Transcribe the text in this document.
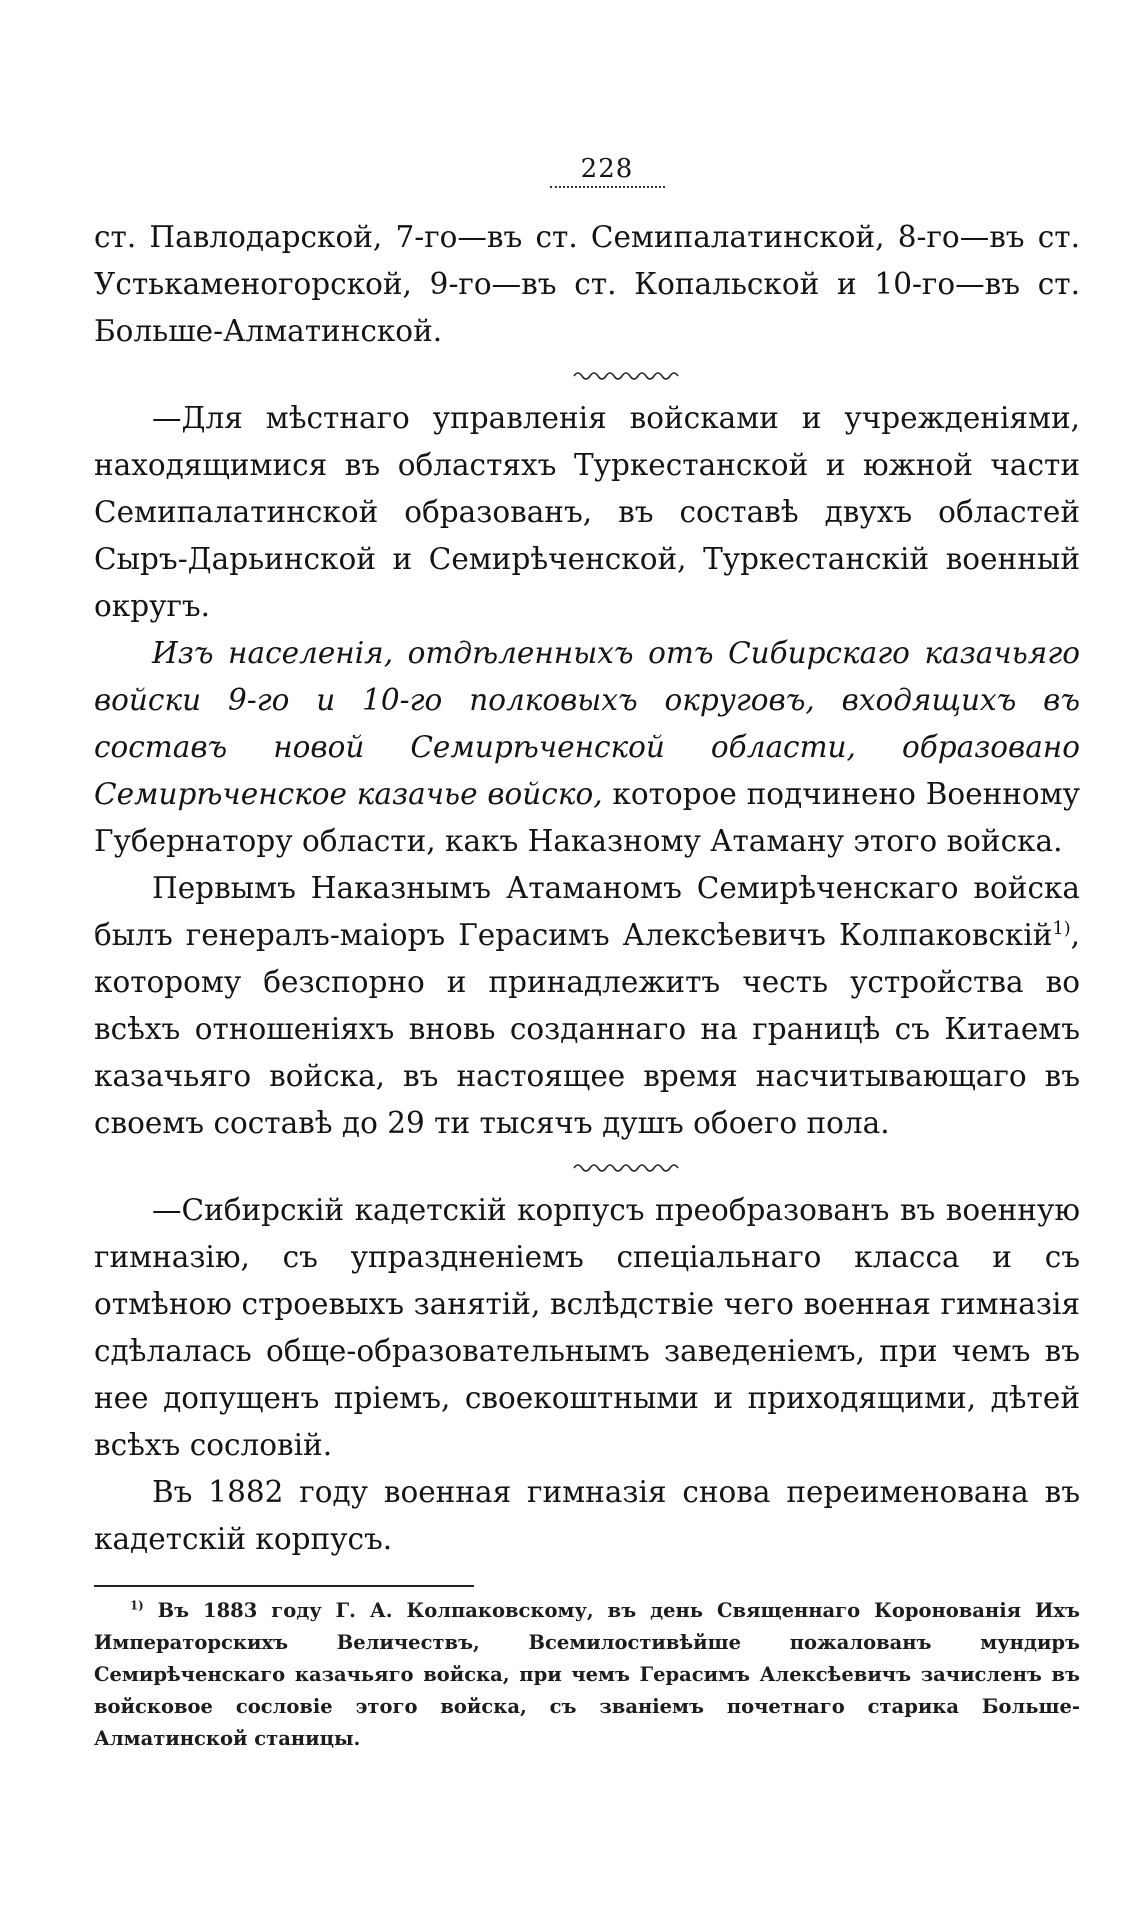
228

ст. Павлодарской, 7-го—въ ст. Семипалатинской, 8-го—въ ст. Устькаменогорской, 9-го—въ ст. Копальской и 10-го—въ ст. Больше-Алматинской.

—Для мѣстнаго управленія войсками и учрежденіями, находящимися въ областяхъ Туркестанской и южной части Семипалатинской образованъ, въ составѣ двухъ областей Сыръ-Дарьинской и Семирѣченской, Туркестанскій военный округъ.

Изъ населенія, отдѣленныхъ отъ Сибирскаго казачьяго войски 9-го и 10-го полковыхъ округовъ, входящихъ въ составъ новой Семирѣченской области, образовано Семирѣченское казачье войско, которое подчинено Военному Губернатору области, какъ Наказному Атаману этого войска.

Первымъ Наказнымъ Атаманомъ Семирѣченскаго войска былъ генералъ-маіоръ Герасимъ Алексѣевичъ Колпаковскій$^{1)}$, которому безспорно и принадлежитъ честь устройства во всѣхъ отношеніяхъ вновь созданнаго на границѣ съ Китаемъ казачьяго войска, въ настоящее время насчитывающаго въ своемъ составѣ до 29 ти тысячъ душъ обоего пола.

—Сибирскій кадетскій корпусъ преобразованъ въ военную гимназію, съ упраздненіемъ спеціальнаго класса и съ отмѣною строевыхъ занятій, вслѣдствіе чего военная гимназія сдѣлалась обще-образовательнымъ заведеніемъ, при чемъ въ нее допущенъ пріемъ, своекоштными и приходящими, дѣтей всѣхъ сословій.

Въ 1882 году военная гимназія снова переименована въ кадетскій корпусъ.

$^{1)}$ Въ 1883 году Г. А. Колпаковскому, въ день Священнаго Коронованія Ихъ Императорскихъ Величествъ, Всемилостивѣйше пожалованъ мундиръ Семирѣченскаго казачьяго войска, при чемъ Герасимъ Алексѣевичъ зачисленъ въ войсковое сословіе этого войска, съ званіемъ почетнаго старика Больше-Алматинской станицы.
